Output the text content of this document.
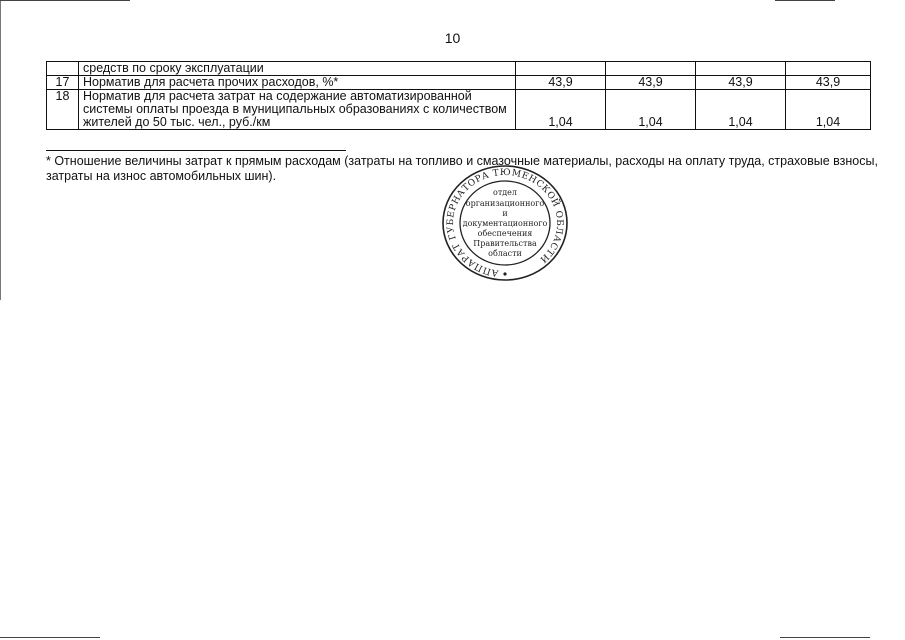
10
	средств по сроку эксплуатации				
17	Норматив для расчета прочих расходов, %*	43,9	43,9	43,9	43,9
18	Норматив для расчета затрат на содержание автоматизированной системы оплаты проезда в муниципальных образованиях с количеством жителей до 50 тыс. чел., руб./км	1,04	1,04	1,04	1,04
* Отношение величины затрат к прямым расходам (затраты на топливо и смазочные материалы, расходы на оплату труда, страховые взносы, затраты на износ автомобильных шин).
АППАРАТ ГУБЕРНАТОРА ТЮМЕНСКОЙ ОБЛАСТИ
отдел
организационного
и
документационного
обеспечения
Правительства
области
